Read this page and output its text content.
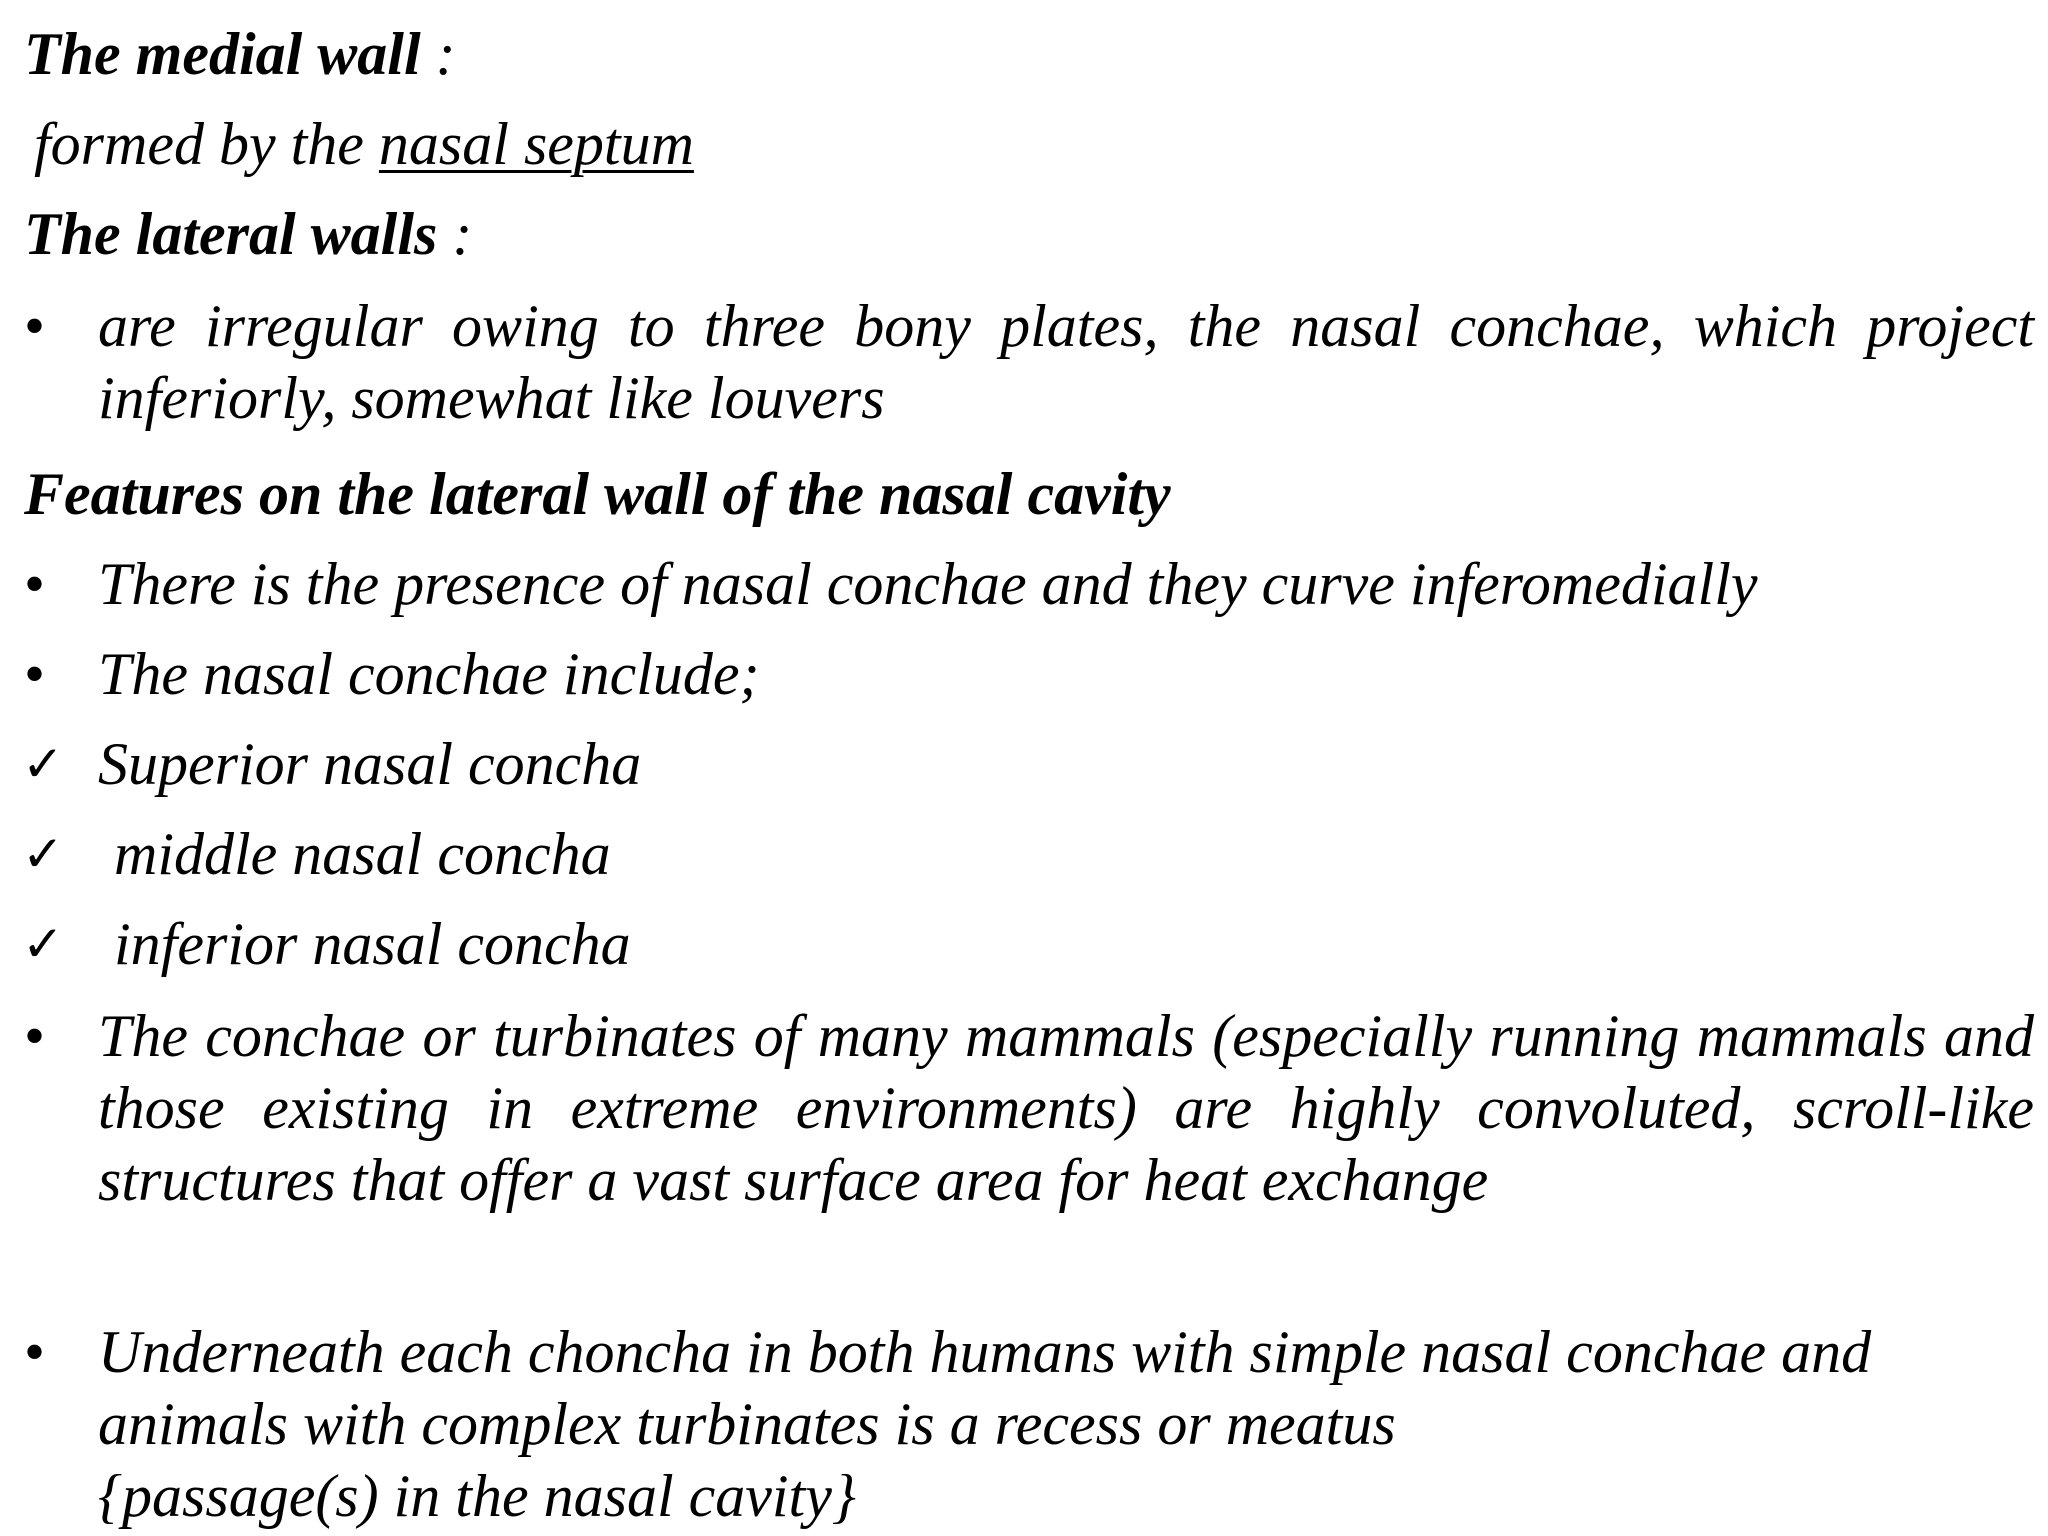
The medial wall :
formed by the nasal septum
The lateral walls :
• are irregular owing to three bony plates, the nasal conchae, which project inferiorly, somewhat like louvers
Features on the lateral wall of the nasal cavity
• There is the presence of nasal conchae and they curve inferomedially
• The nasal conchae include;
✓ Superior nasal concha
✓ middle nasal concha
✓ inferior nasal concha
• The conchae or turbinates of many mammals (especially running mammals and those existing in extreme environments) are highly convoluted, scroll-like structures that offer a vast surface area for heat exchange
• Underneath each choncha in both humans with simple nasal conchae and animals with complex turbinates is a recess or meatus
{passage(s) in the nasal cavity}
